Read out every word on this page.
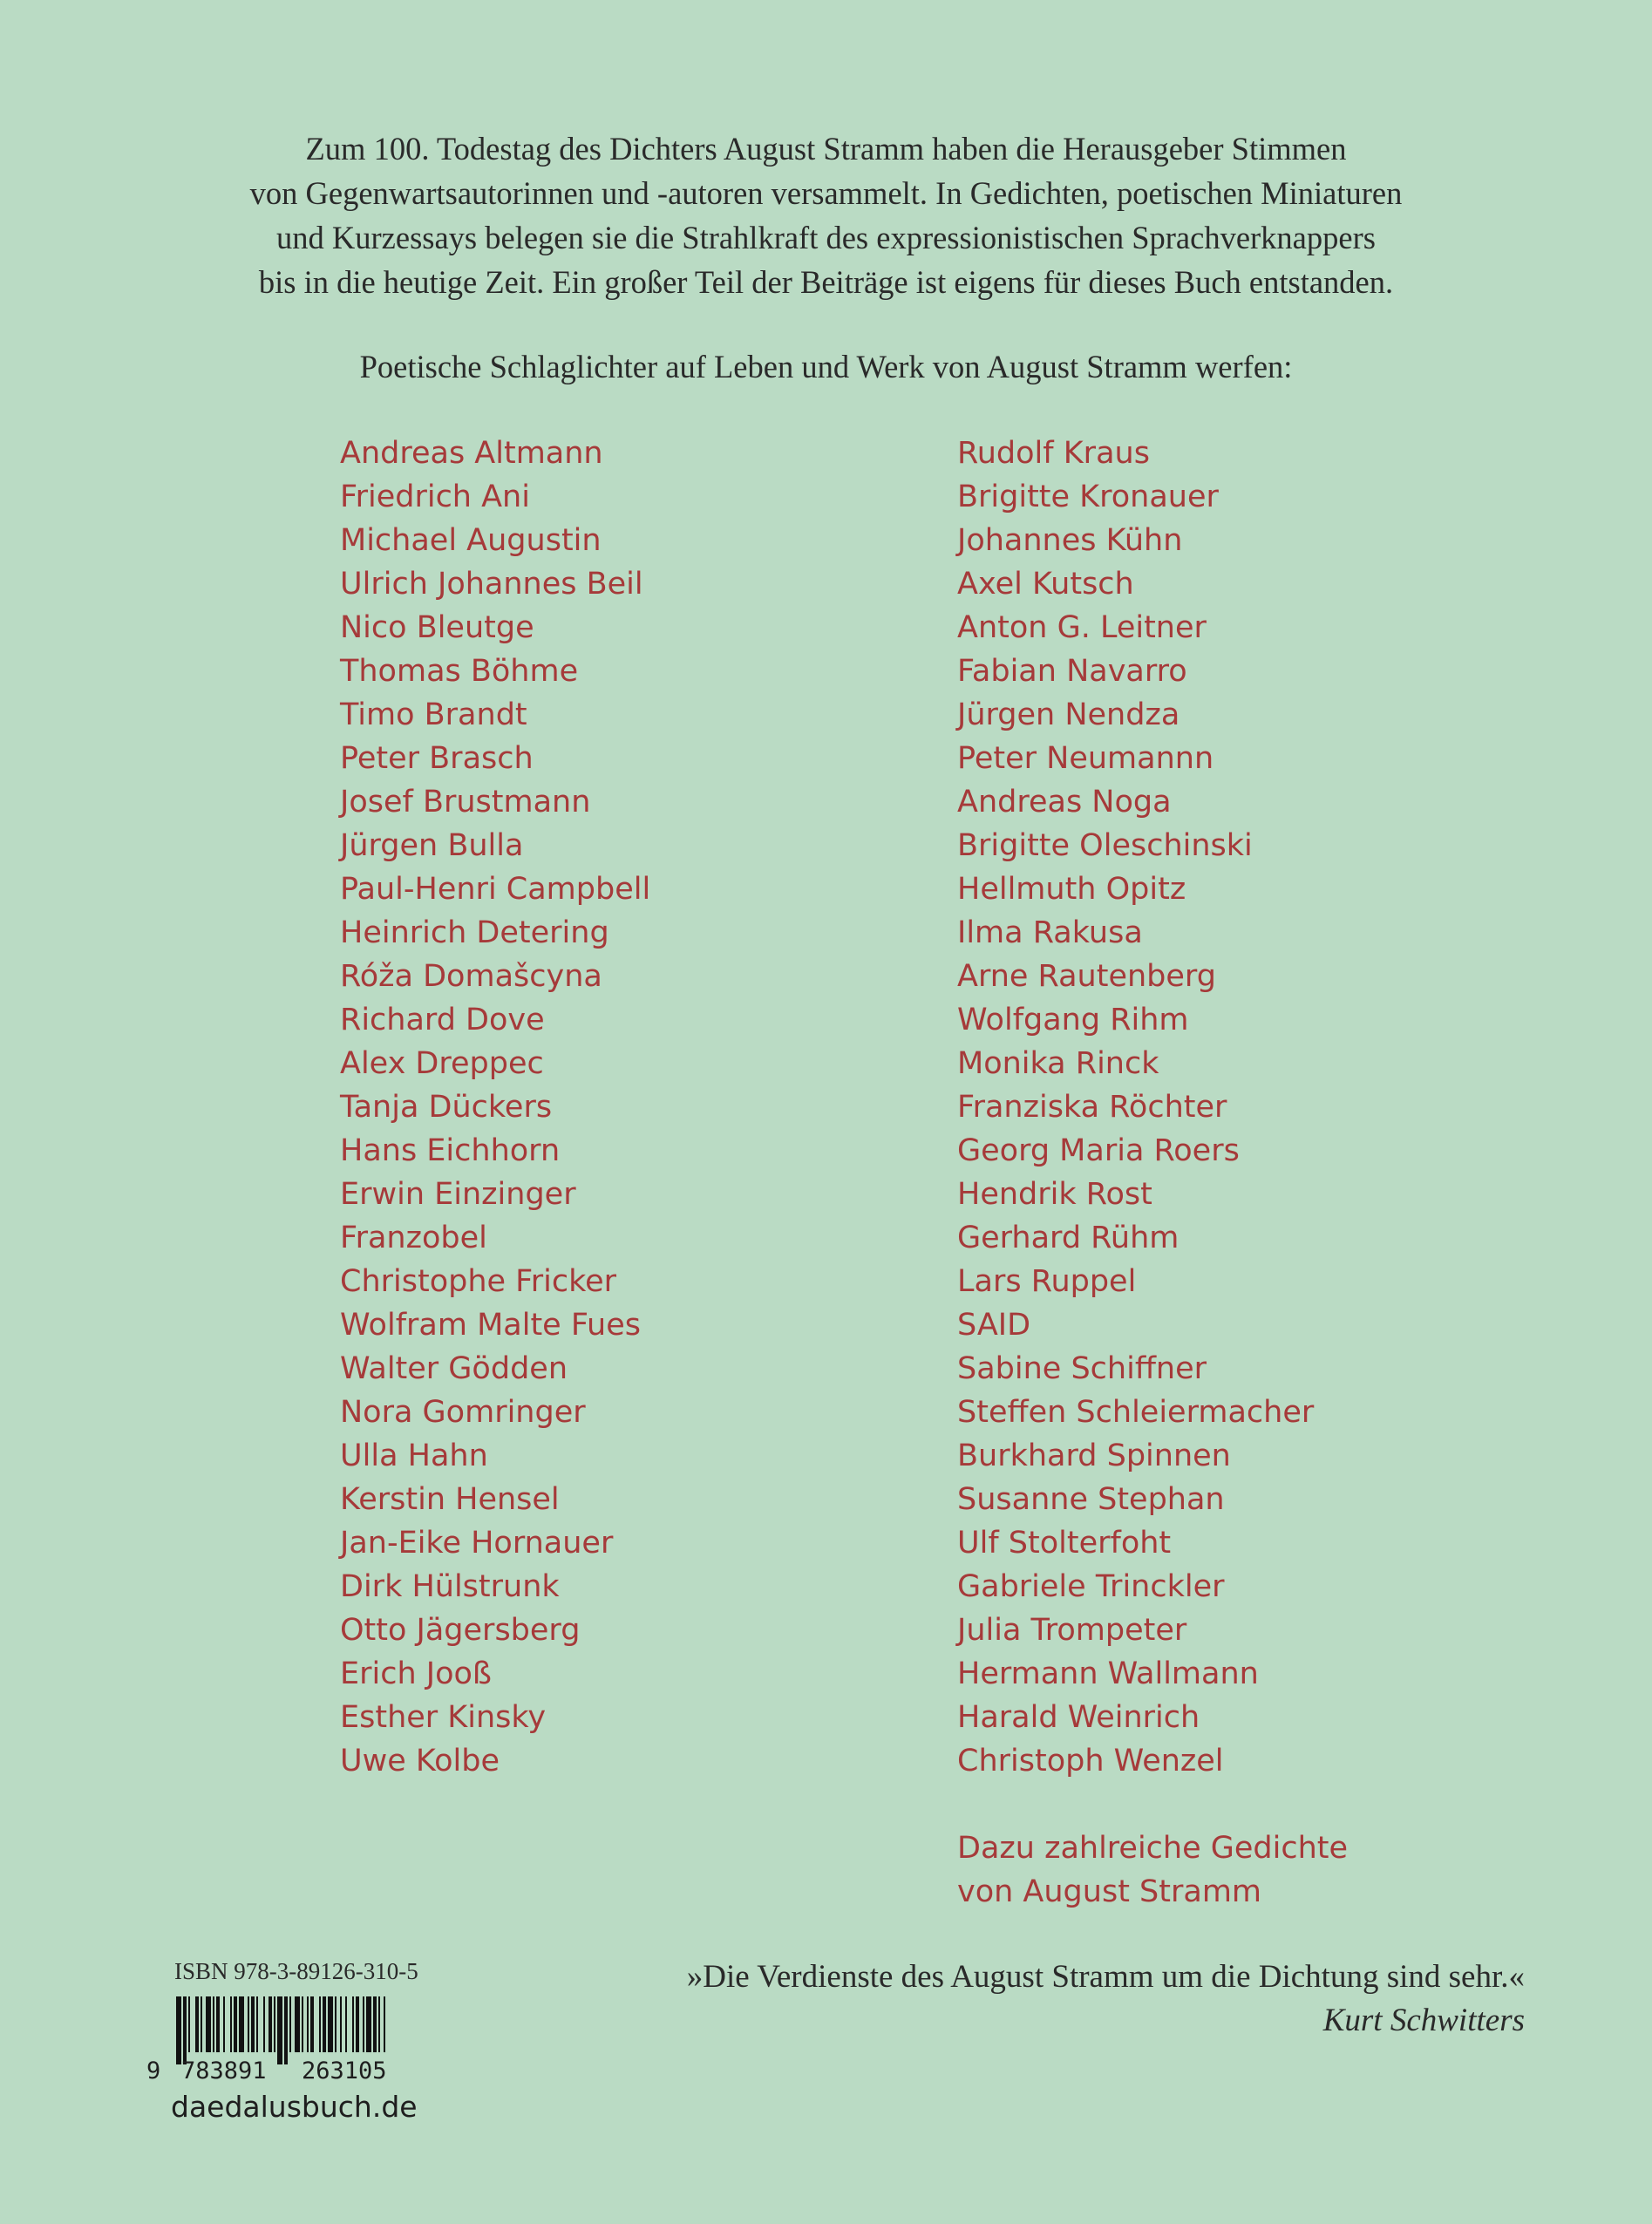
Zum 100. Todestag des Dichters August Stramm haben die Herausgeber Stimmen
von Gegenwartsautorinnen und -autoren versammelt. In Gedichten, poetischen Miniaturen
und Kurzessays belegen sie die Strahlkraft des expressionistischen Sprachverknappers
bis in die heutige Zeit. Ein großer Teil der Beiträge ist eigens für dieses Buch entstanden.
Poetische Schlaglichter auf Leben und Werk von August Stramm werfen:
Andreas Altmann
Friedrich Ani
Michael Augustin
Ulrich Johannes Beil
Nico Bleutge
Thomas Böhme
Timo Brandt
Peter Brasch
Josef Brustmann
Jürgen Bulla
Paul-Henri Campbell
Heinrich Detering
Róža Domašcyna
Richard Dove
Alex Dreppec
Tanja Dückers
Hans Eichhorn
Erwin Einzinger
Franzobel
Christophe Fricker
Wolfram Malte Fues
Walter Gödden
Nora Gomringer
Ulla Hahn
Kerstin Hensel
Jan-Eike Hornauer
Dirk Hülstrunk
Otto Jägersberg
Erich Jooß
Esther Kinsky
Uwe Kolbe
Rudolf Kraus
Brigitte Kronauer
Johannes Kühn
Axel Kutsch
Anton G. Leitner
Fabian Navarro
Jürgen Nendza
Peter Neumannn
Andreas Noga
Brigitte Oleschinski
Hellmuth Opitz
Ilma Rakusa
Arne Rautenberg
Wolfgang Rihm
Monika Rinck
Franziska Röchter
Georg Maria Roers
Hendrik Rost
Gerhard Rühm
Lars Ruppel
SAID
Sabine Schiffner
Steffen Schleiermacher
Burkhard Spinnen
Susanne Stephan
Ulf Stolterfoht
Gabriele Trinckler
Julia Trompeter
Hermann Wallmann
Harald Weinrich
Christoph Wenzel
Dazu zahlreiche Gedichte
von August Stramm
ISBN 978-3-89126-310-5
9 783891 263105
daedalusbuch.de
»Die Verdienste des August Stramm um die Dichtung sind sehr.«
Kurt Schwitters
